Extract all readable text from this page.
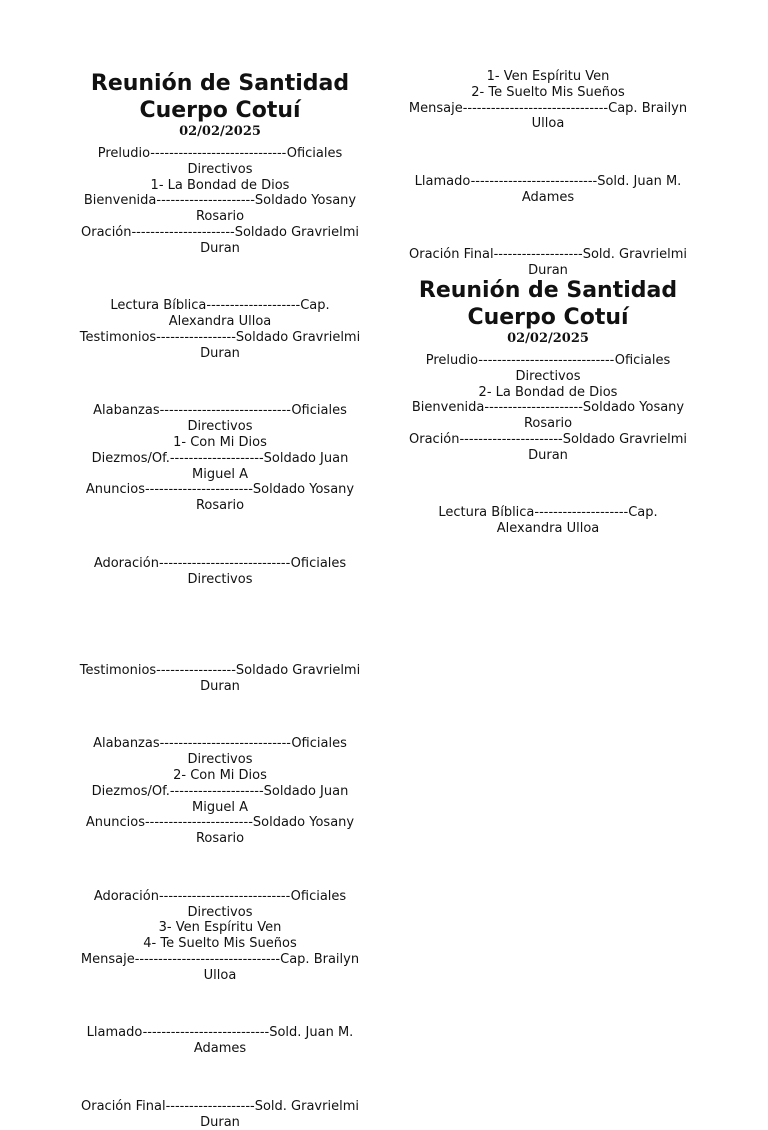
Reunión de Santidad
Cuerpo Cotuí

02/02/2025

Preludio-----------------------------Oficiales

Directivos

1- La Bondad de Dios

Bienvenida---------------------Soldado Yosany

Rosario

Oración----------------------Soldado Gravrielmi

Duran

Lectura Bíblica--------------------Cap.

Alexandra Ulloa

Testimonios-----------------Soldado Gravrielmi

Duran

Alabanzas----------------------------Oficiales

Directivos

1- Con Mi Dios

Diezmos/Of.--------------------Soldado Juan

Miguel A

Anuncios-----------------------Soldado Yosany

Rosario

Adoración----------------------------Oficiales

Directivos

1- Ven Espíritu Ven

2- Te Suelto Mis Sueños

Mensaje-------------------------------Cap. Brailyn

Ulloa

Llamado---------------------------Sold. Juan M.

Adames

Oración Final-------------------Sold. Gravrielmi

Duran

Reunión de Santidad
Cuerpo Cotuí

02/02/2025

Preludio-----------------------------Oficiales

Directivos

2- La Bondad de Dios

Bienvenida---------------------Soldado Yosany

Rosario

Oración----------------------Soldado Gravrielmi

Duran

Lectura Bíblica--------------------Cap.

Alexandra Ulloa

Testimonios-----------------Soldado Gravrielmi

Duran

Alabanzas----------------------------Oficiales

Directivos

2- Con Mi Dios

Diezmos/Of.--------------------Soldado Juan

Miguel A

Anuncios-----------------------Soldado Yosany

Rosario

Adoración----------------------------Oficiales

Directivos

3- Ven Espíritu Ven

4- Te Suelto Mis Sueños

Mensaje-------------------------------Cap. Brailyn

Ulloa

Llamado---------------------------Sold. Juan M.

Adames

Oración Final-------------------Sold. Gravrielmi

Duran
